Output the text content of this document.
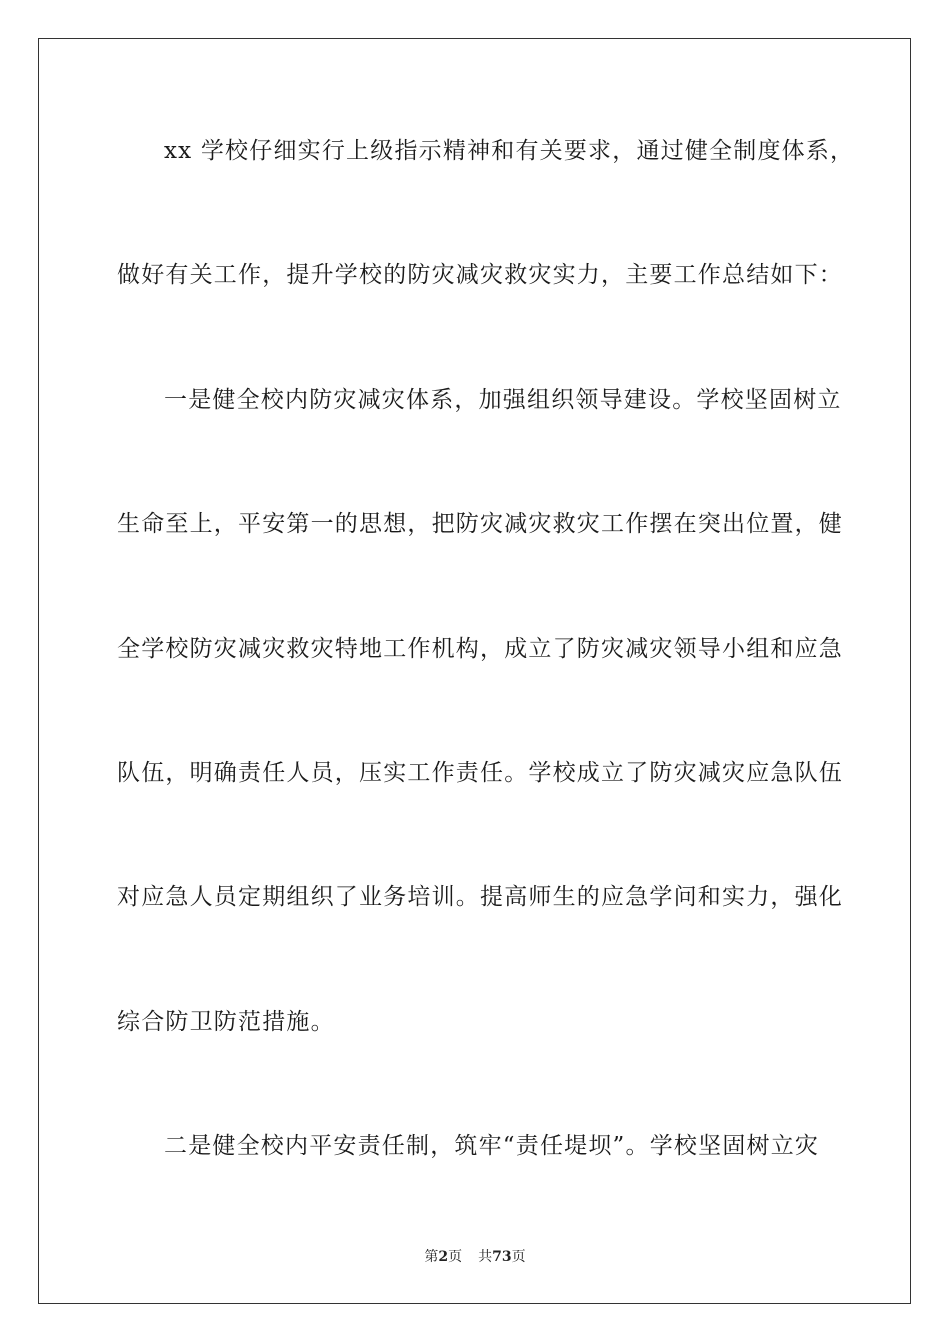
xx 学校仔细实行上级指示精神和有关要求，通过健全制度体系，
做好有关工作，提升学校的防灾减灾救灾实力，主要工作总结如下：
一是健全校内防灾减灾体系，加强组织领导建设。学校坚固树立
生命至上，平安第一的思想，把防灾减灾救灾工作摆在突出位置，健
全学校防灾减灾救灾特地工作机构，成立了防灾减灾领导小组和应急
队伍，明确责任人员，压实工作责任。学校成立了防灾减灾应急队伍
对应急人员定期组织了业务培训。提高师生的应急学问和实力，强化
综合防卫防范措施。
二是健全校内平安责任制，筑牢“责任堤坝”。学校坚固树立灾
第2页 共73页
